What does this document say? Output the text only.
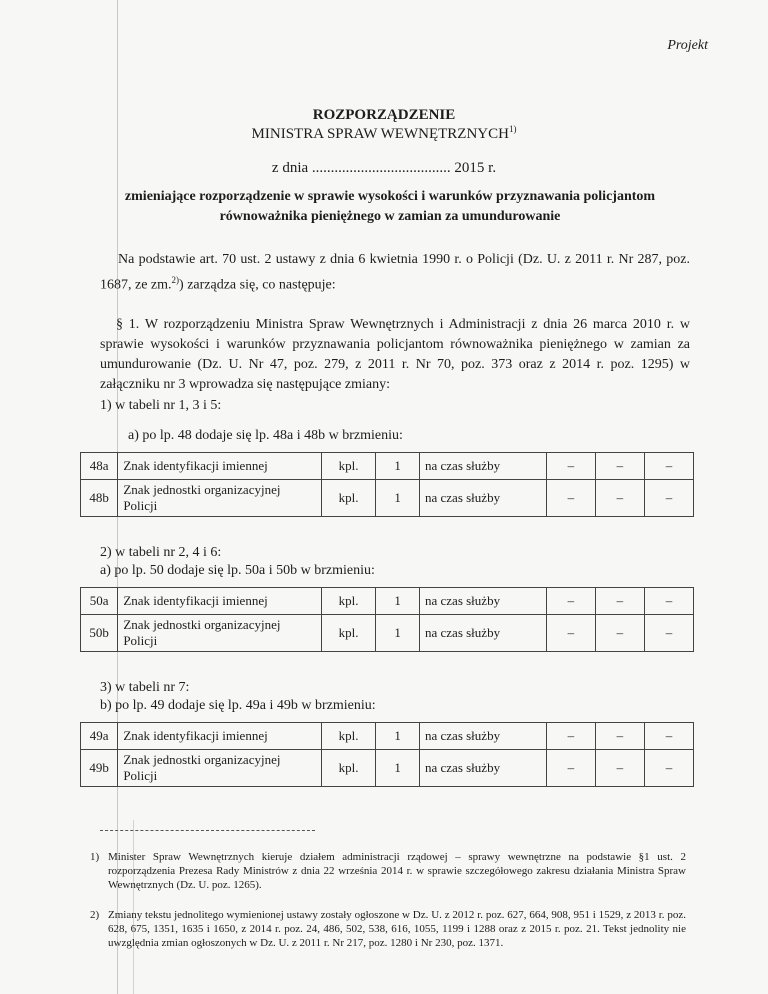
Projekt
ROZPORZĄDZENIE
MINISTRA SPRAW WEWNĘTRZNYCH$^{1)}$
z dnia ..................................... 2015 r.
zmieniające rozporządzenie w sprawie wysokości i warunków przyznawania policjantom równoważnika pieniężnego w zamian za umundurowanie
Na podstawie art. 70 ust. 2 ustawy z dnia 6 kwietnia 1990 r. o Policji (Dz. U. z 2011 r. Nr 287, poz. 1687, ze zm.$^{2)}$) zarządza się, co następuje:
§ 1. W rozporządzeniu Ministra Spraw Wewnętrznych i Administracji z dnia 26 marca 2010 r. w sprawie wysokości i warunków przyznawania policjantom równoważnika pieniężnego w zamian za umundurowanie (Dz. U. Nr 47, poz. 279, z 2011 r. Nr 70, poz. 373 oraz z 2014 r. poz. 1295) w załączniku nr 3 wprowadza się następujące zmiany:
1) w tabeli nr 1, 3 i 5:
a) po lp. 48 dodaje się lp. 48a i 48b w brzmieniu:
48a	Znak identyfikacji imiennej	kpl.	1	na czas służby	–	–	–
48b	Znak jednostki organizacyjnej Policji	kpl.	1	na czas służby	–	–	–
2) w tabeli nr 2, 4 i 6:
a) po lp. 50 dodaje się lp. 50a i 50b w brzmieniu:
50a	Znak identyfikacji imiennej	kpl.	1	na czas służby	–	–	–
50b	Znak jednostki organizacyjnej Policji	kpl.	1	na czas służby	–	–	–
3) w tabeli nr 7:
b) po lp. 49 dodaje się lp. 49a i 49b w brzmieniu:
49a	Znak identyfikacji imiennej	kpl.	1	na czas służby	–	–	–
49b	Znak jednostki organizacyjnej Policji	kpl.	1	na czas służby	–	–	–
1) Minister Spraw Wewnętrznych kieruje działem administracji rządowej – sprawy wewnętrzne na podstawie §1 ust. 2 rozporządzenia Prezesa Rady Ministrów z dnia 22 września 2014 r. w sprawie szczegółowego zakresu działania Ministra Spraw Wewnętrznych (Dz. U. poz. 1265).
2) Zmiany tekstu jednolitego wymienionej ustawy zostały ogłoszone w Dz. U. z 2012 r. poz. 627, 664, 908, 951 i 1529, z 2013 r. poz. 628, 675, 1351, 1635 i 1650, z 2014 r. poz. 24, 486, 502, 538, 616, 1055, 1199 i 1288 oraz z 2015 r. poz. 21. Tekst jednolity nie uwzględnia zmian ogłoszonych w Dz. U. z 2011 r. Nr 217, poz. 1280 i Nr 230, poz. 1371.
